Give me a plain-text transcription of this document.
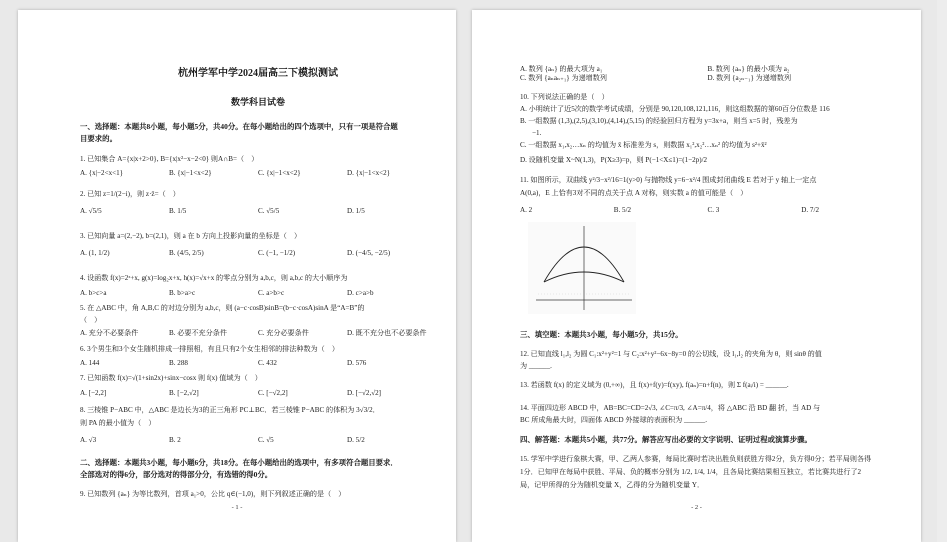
杭州学军中学2024届高三下模拟测试
数学科目试卷
一、选择题：本题共8小题，每小题5分，共40分。在每小题给出的四个选项中，只有一项是符合题
目要求的。
1. 已知集合 A={x|x+2>0}, B={x|x²−x−2<0} 则A∩B=（　）
A. {x|−2<x<1}	B. {x|−1<x<2}	C. {x|−1<x<2}	D. {x|−1<x<2}
2. 已知 z=1/(2−i)，则 z·z̄=（　）
A. √5/5	B. 1/5	C. √5/5	D. 1/5
3. 已知向量 a=(2,−2), b=(2,1)，则 a 在 b 方向上投影向量的坐标是（　）
A. (1, 1/2)	B. (4/5, 2/5)	C. (−1, −1/2)	D. (−4/5, −2/5)
4. 设函数 f(x)=2ˣ+x, g(x)=log₂x+x, h(x)=√x+x 的零点分别为 a,b,c，则 a,b,c 的大小顺序为
A. b>c>a	B. b>a>c	C. a>b>c	D. c>a>b
5. 在 △ABC 中，角 A,B,C 的对边分别为 a,b,c，则 (a−c·cosB)sinB=(b−c·cosA)sinA 是“A=B”的
（　）
A. 充分不必要条件	B. 必要不充分条件	C. 充分必要条件	D. 既不充分也不必要条件
6. 3个男生和3个女生随机排成一排照相，有且只有2个女生相邻的排法种数为（　）
A. 144	B. 288	C. 432	D. 576
7. 已知函数 f(x)=√(1+sin2x)+sinx−cosx 则 f(x) 值域为（　）
A. [−2,2]	B. [−2,√2]	C. [−√2,2]	D. [−√2,√2]
8. 三棱锥 P−ABC 中，△ABC 是边长为3的正三角形 PC⊥BC．若三棱锥 P−ABC 的体积为 3√3/2．
则 PA 的最小值为（　）
A. √3	B. 2	C. √5	D. 5/2
二、选择题：本题共3小题，每小题6分，共18分。在每小题给出的选项中，有多项符合题目要求．
全部选对的得6分，部分选对的得部分分，有选错的得0分。
9. 已知数列 {aₙ} 为等比数列，首项 a₁>0，公比 q∈(−1,0)，则下列叙述正确的是（　）
- 1 -
A. 数列 {aₙ} 的最大项为 a₁	B. 数列 {aₙ} 的最小项为 a₂
C. 数列 {aₙaₙ₊₁} 为递增数列	D. 数列 {a₂ₙ₋₁} 为递增数列
10. 下列说法正确的是（　）
A. 小明统计了近5次的数学考试成绩，分别是 90,120,108,121,116，则这组数据的第60百分位数是 116
B. 一组数据 (1,3),(2,5),(3,10),(4,14),(5,15) 的经验回归方程为 y=3x+a，则当 x=5 时，残差为
−1.
C. 一组数据 x₁,x₂…xₙ 的均值为 x̄ 标准差为 s，则数据 x₁²,x₂²…xₙ² 的均值为 s²+x̄²
D. 设随机变量 X~N(1,3)，P(X≥3)=p，则 P(−1<X≤1)=(1−2p)/2
11. 如图所示，双曲线 y²/3−x²/16=1(y>0) 与抛物线 y=6−x²/4 围成封闭曲线 E 若对于 y 轴上一定点
A(0,a)，E 上恰有3对不同的点关于点 A 对称，则实数 a 的值可能是（　）
A. 2	B. 5/2	C. 3	D. 7/2
三、填空题：本题共3小题，每小题5分，共15分。
12. 已知直线 l₁,l₂ 为圆 C₁:x²+y²=1 与 C₂:x²+y²−6x−8y=0 的公切线，设 l₁,l₂ 的夹角为 θ，则 sinθ 的值
为 ______.
13. 若函数 f(x) 的定义域为 (0,+∞)，且 f(x)+f(y)=f(xy), f(aₙ)=n+f(n)，则 Σ f(aᵢ/i) = ______.
14. 平面四边形 ABCD 中，AB=BC=CD=2√3, ∠C=π/3, ∠A=π/4，将 △ABC 沿 BD 翻 折，当 AD 与
BC 所成角最大时，四面体 ABCD 外接球的表面积为 ______.
四、解答题：本题共5小题，共77分。解答应写出必要的文字说明、证明过程或演算步骤。
15. 学军中学进行象棋大赛，甲、乙两人参赛，每局比赛时若决出胜负则获胜方得2分，负方得0分；若平局则各得
1分．已知甲在每局中获胜、平局、负的概率分别为 1/2, 1/4, 1/4，且各局比赛结果相互独立，若比赛共进行了2
局，记甲所得的分为随机变量 X，乙得的分为随机变量 Y．
- 2 -
